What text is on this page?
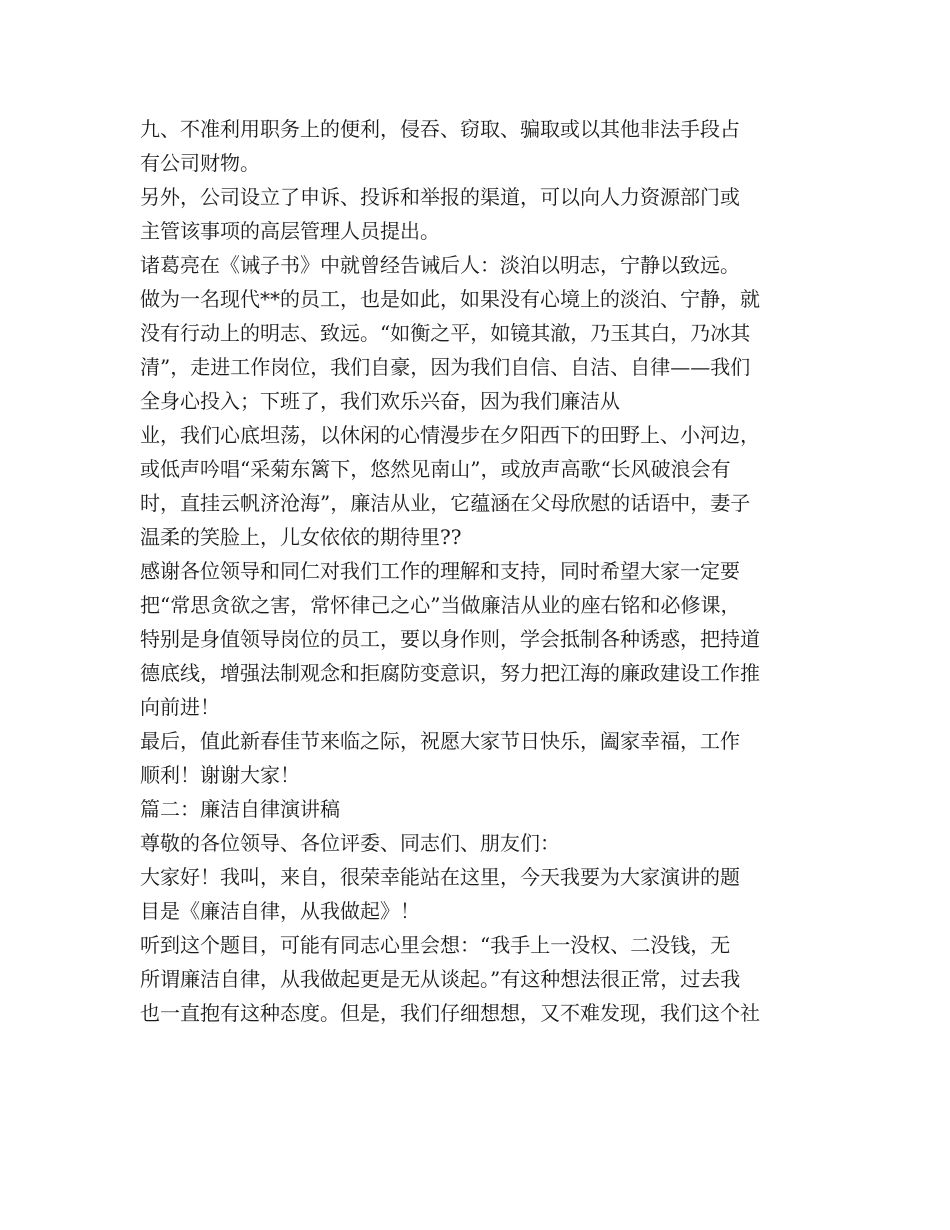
九、不准利用职务上的便利，侵吞、窃取、骗取或以其他非法手段占
有公司财物。
另外，公司设立了申诉、投诉和举报的渠道，可以向人力资源部门或
主管该事项的高层管理人员提出。
诸葛亮在《诫子书》中就曾经告诫后人：淡泊以明志，宁静以致远。
做为一名现代**的员工，也是如此，如果没有心境上的淡泊、宁静，就
没有行动上的明志、致远。“如衡之平，如镜其澈，乃玉其白，乃冰其
清”，走进工作岗位，我们自豪，因为我们自信、自洁、自律——我们
全身心投入；下班了，我们欢乐兴奋，因为我们廉洁从
业，我们心底坦荡，以休闲的心情漫步在夕阳西下的田野上、小河边，
或低声吟唱“采菊东篱下，悠然见南山”，或放声高歌“长风破浪会有
时，直挂云帆济沧海”，廉洁从业，它蕴涵在父母欣慰的话语中，妻子
温柔的笑脸上，儿女依依的期待里??
感谢各位领导和同仁对我们工作的理解和支持，同时希望大家一定要
把“常思贪欲之害，常怀律己之心”当做廉洁从业的座右铭和必修课，
特别是身值领导岗位的员工，要以身作则，学会抵制各种诱惑，把持道
德底线，增强法制观念和拒腐防变意识，努力把江海的廉政建设工作推
向前进！
最后，值此新春佳节来临之际，祝愿大家节日快乐，阖家幸福，工作
顺利！谢谢大家！
篇二：廉洁自律演讲稿
尊敬的各位领导、各位评委、同志们、朋友们：
大家好！我叫，来自，很荣幸能站在这里，今天我要为大家演讲的题
目是《廉洁自律，从我做起》！
听到这个题目，可能有同志心里会想：“我手上一没权、二没钱，无
所谓廉洁自律，从我做起更是无从谈起。”有这种想法很正常，过去我
也一直抱有这种态度。但是，我们仔细想想，又不难发现，我们这个社
